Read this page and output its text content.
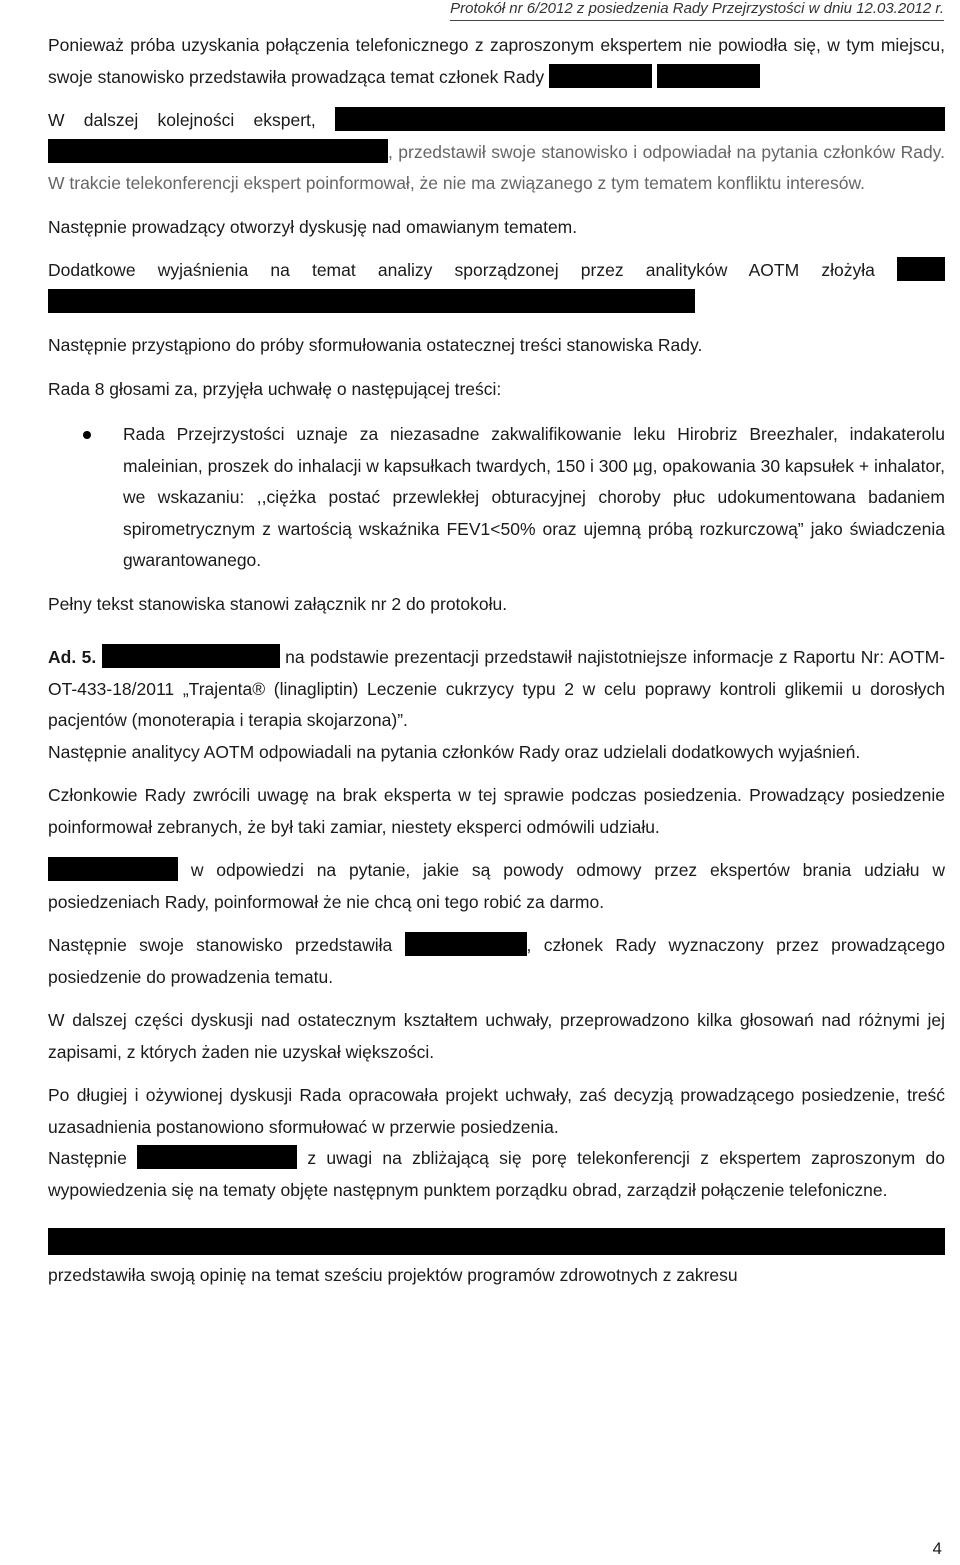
Protokół nr 6/2012 z posiedzenia Rady Przejrzystości w dniu 12.03.2012 r.

Ponieważ próba uzyskania połączenia telefonicznego z zaproszonym ekspertem nie powiodła się, w tym miejscu, swoje stanowisko przedstawiła prowadząca temat członek Rady

W dalszej kolejności ekspert,  , przedstawił swoje stanowisko i odpowiadał na pytania członków Rady. W trakcie telekonferencji ekspert poinformował, że nie ma związanego z tym tematem konfliktu interesów.

Następnie prowadzący otworzył dyskusję nad omawianym tematem.

Dodatkowe wyjaśnienia na temat analizy sporządzonej przez analityków AOTM złożyła

Następnie przystąpiono do próby sformułowania ostatecznej treści stanowiska Rady.

Rada 8 głosami za, przyjęła uchwałę o następującej treści:

Rada Przejrzystości uznaje za niezasadne zakwalifikowanie leku Hirobriz Breezhaler, indakaterolu maleinian, proszek do inhalacji w kapsułkach twardych, 150 i 300 µg, opakowania 30 kapsułek + inhalator, we wskazaniu: ,,ciężka postać przewlekłej obturacyjnej choroby płuc udokumentowana badaniem spirometrycznym z wartością wskaźnika FEV1<50% oraz ujemną próbą rozkurczową” jako świadczenia gwarantowanego.

Pełny tekst stanowiska stanowi załącznik nr 2 do protokołu.

Ad. 5.	na podstawie prezentacji przedstawił najistotniejsze informacje z Raportu Nr: AOTM-OT-433-18/2011 „Trajenta® (linagliptin) Leczenie cukrzycy typu 2 w celu poprawy kontroli glikemii u dorosłych pacjentów (monoterapia i terapia skojarzona)”.

Następnie analitycy AOTM odpowiadali na pytania członków Rady oraz udzielali dodatkowych wyjaśnień.

Członkowie Rady zwrócili uwagę na brak eksperta w tej sprawie podczas posiedzenia. Prowadzący posiedzenie poinformował zebranych, że był taki zamiar, niestety eksperci odmówili udziału.

w odpowiedzi na pytanie, jakie są powody odmowy przez ekspertów brania udziału w posiedzeniach Rady, poinformował że nie chcą oni tego robić za darmo.

Następnie swoje stanowisko przedstawiła	, członek Rady wyznaczony przez prowadzącego posiedzenie do prowadzenia tematu.

W dalszej części dyskusji nad ostatecznym kształtem uchwały, przeprowadzono kilka głosowań nad różnymi jej zapisami, z których żaden nie uzyskał większości.

Po długiej i ożywionej dyskusji Rada opracowała projekt uchwały, zaś decyzją prowadzącego posiedzenie, treść uzasadnienia postanowiono sformułować w przerwie posiedzenia.

Następnie	z uwagi na zbliżającą się porę telekonferencji z ekspertem zaproszonym do wypowiedzenia się na tematy objęte następnym punktem porządku obrad, zarządził połączenie telefoniczne.

przedstawiła swoją opinię na temat sześciu projektów programów zdrowotnych z zakresu

4
